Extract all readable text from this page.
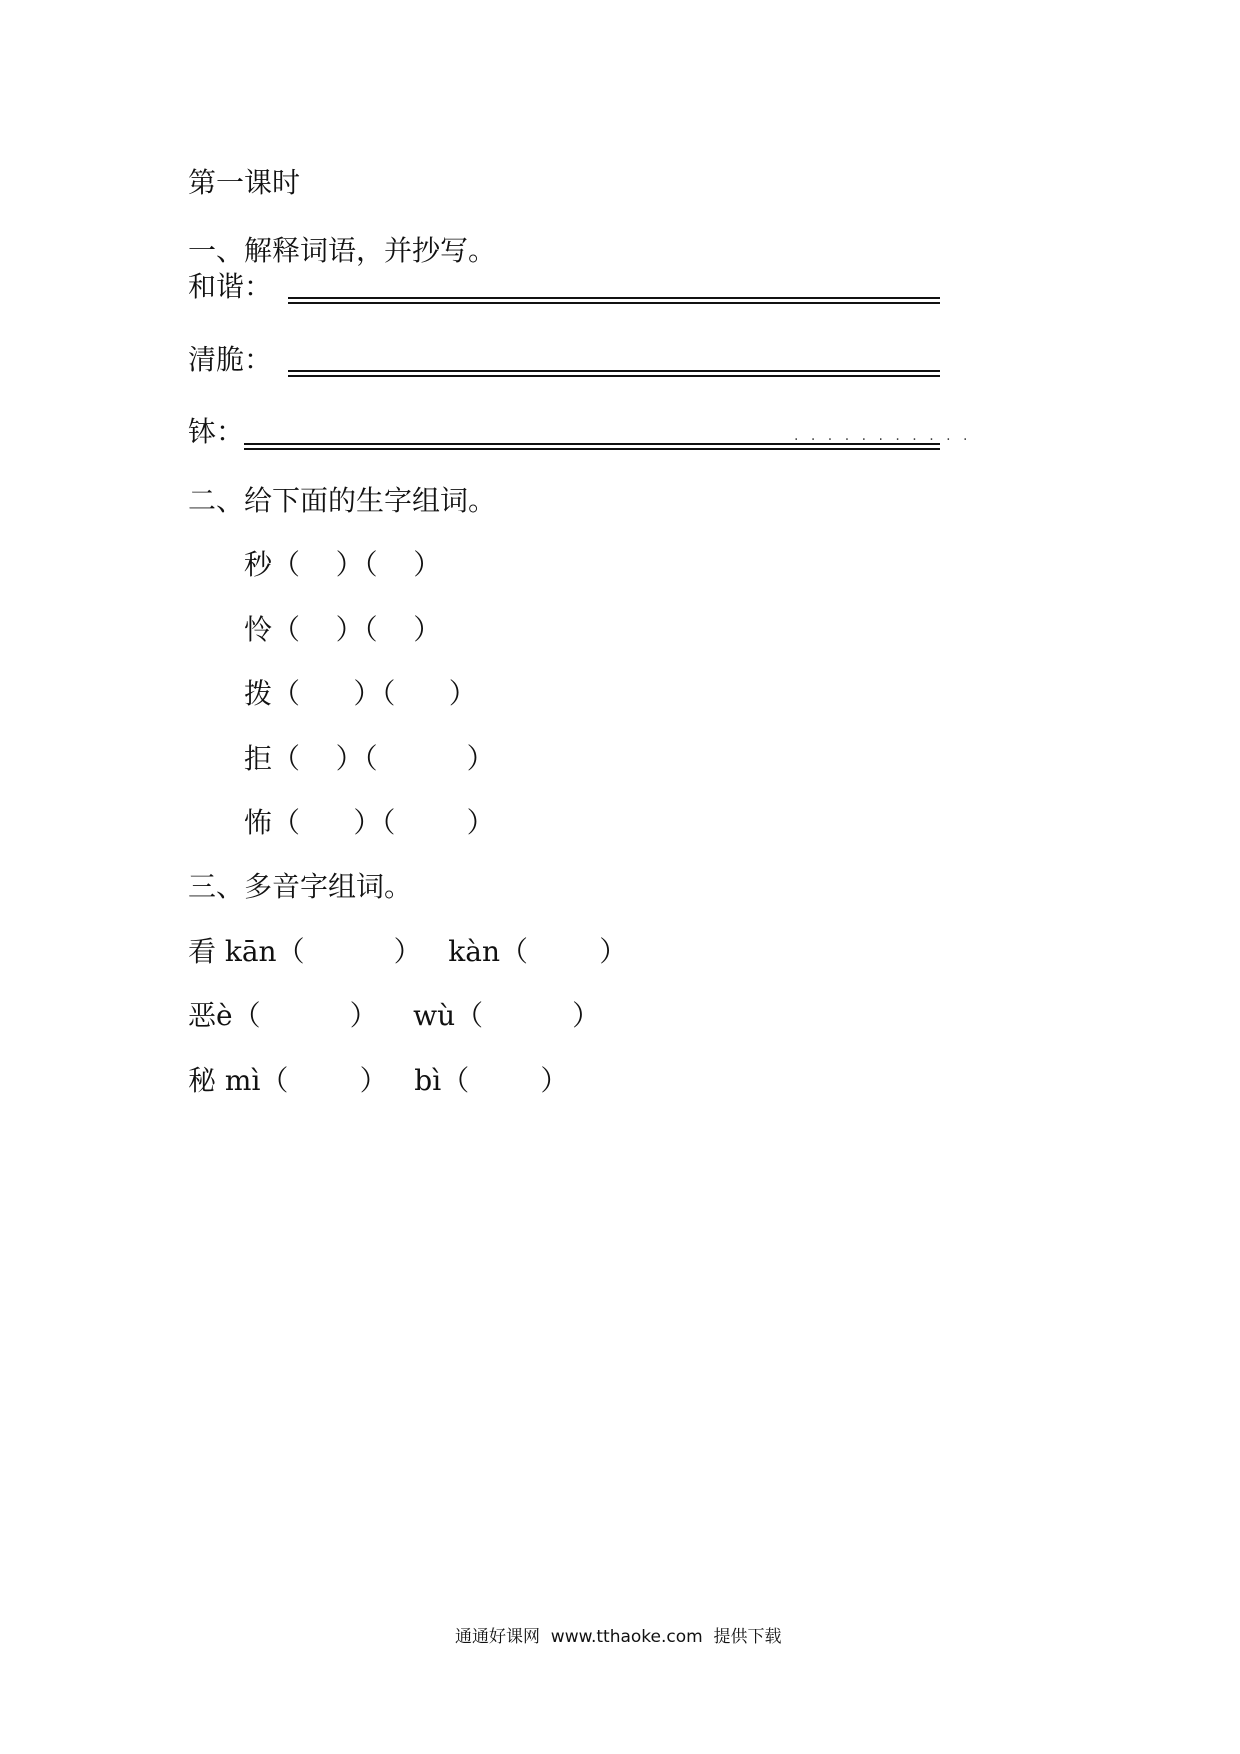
第一课时
一、解释词语，并抄写。
和谐：
清脆：
钵：	. . . . . . . . . . .
二、给下面的生字组词。
秒（    ）（    ）
怜（    ）（    ）
拨（      ）（      ）
拒（    ）（          ）
怖（      ）（        ）
三、多音字组词。
看 kān（          ）   kàn（        ）
恶è（          ）    wù（          ）
秘 mì（        ）   bì（        ）
通通好课网  www.tthaoke.com  提供下载
